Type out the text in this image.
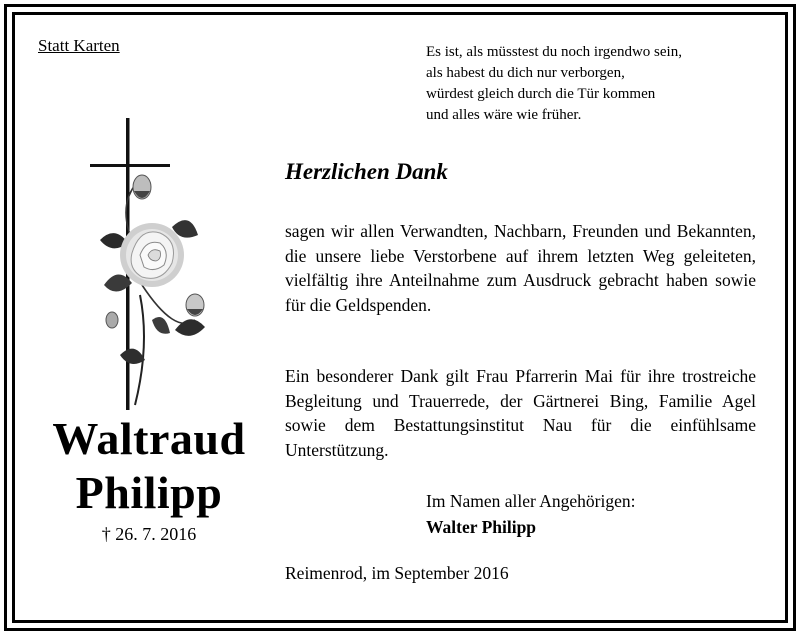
Statt Karten	Es ist, als müsstest du noch irgendwo sein,
als habest du dich nur verborgen,
würdest gleich durch die Tür kommen
und alles wäre wie früher.
Waltraud
Philipp
† 26. 7. 2016
Herzlichen Dank
sagen wir allen Verwandten, Nachbarn, Freunden und Bekannten, die unsere liebe Verstorbene auf ihrem letzten Weg geleiteten, vielfältig ihre Anteilnahme zum Ausdruck gebracht haben sowie für die Geldspenden.
Ein besonderer Dank gilt Frau Pfarrerin Mai für ihre trostreiche Begleitung und Trauerrede, der Gärtnerei Bing, Familie Agel sowie dem Bestattungsinstitut Nau für die einfühlsame Unterstützung.
Im Namen aller Angehörigen:
Walter Philipp
Reimenrod, im September 2016
